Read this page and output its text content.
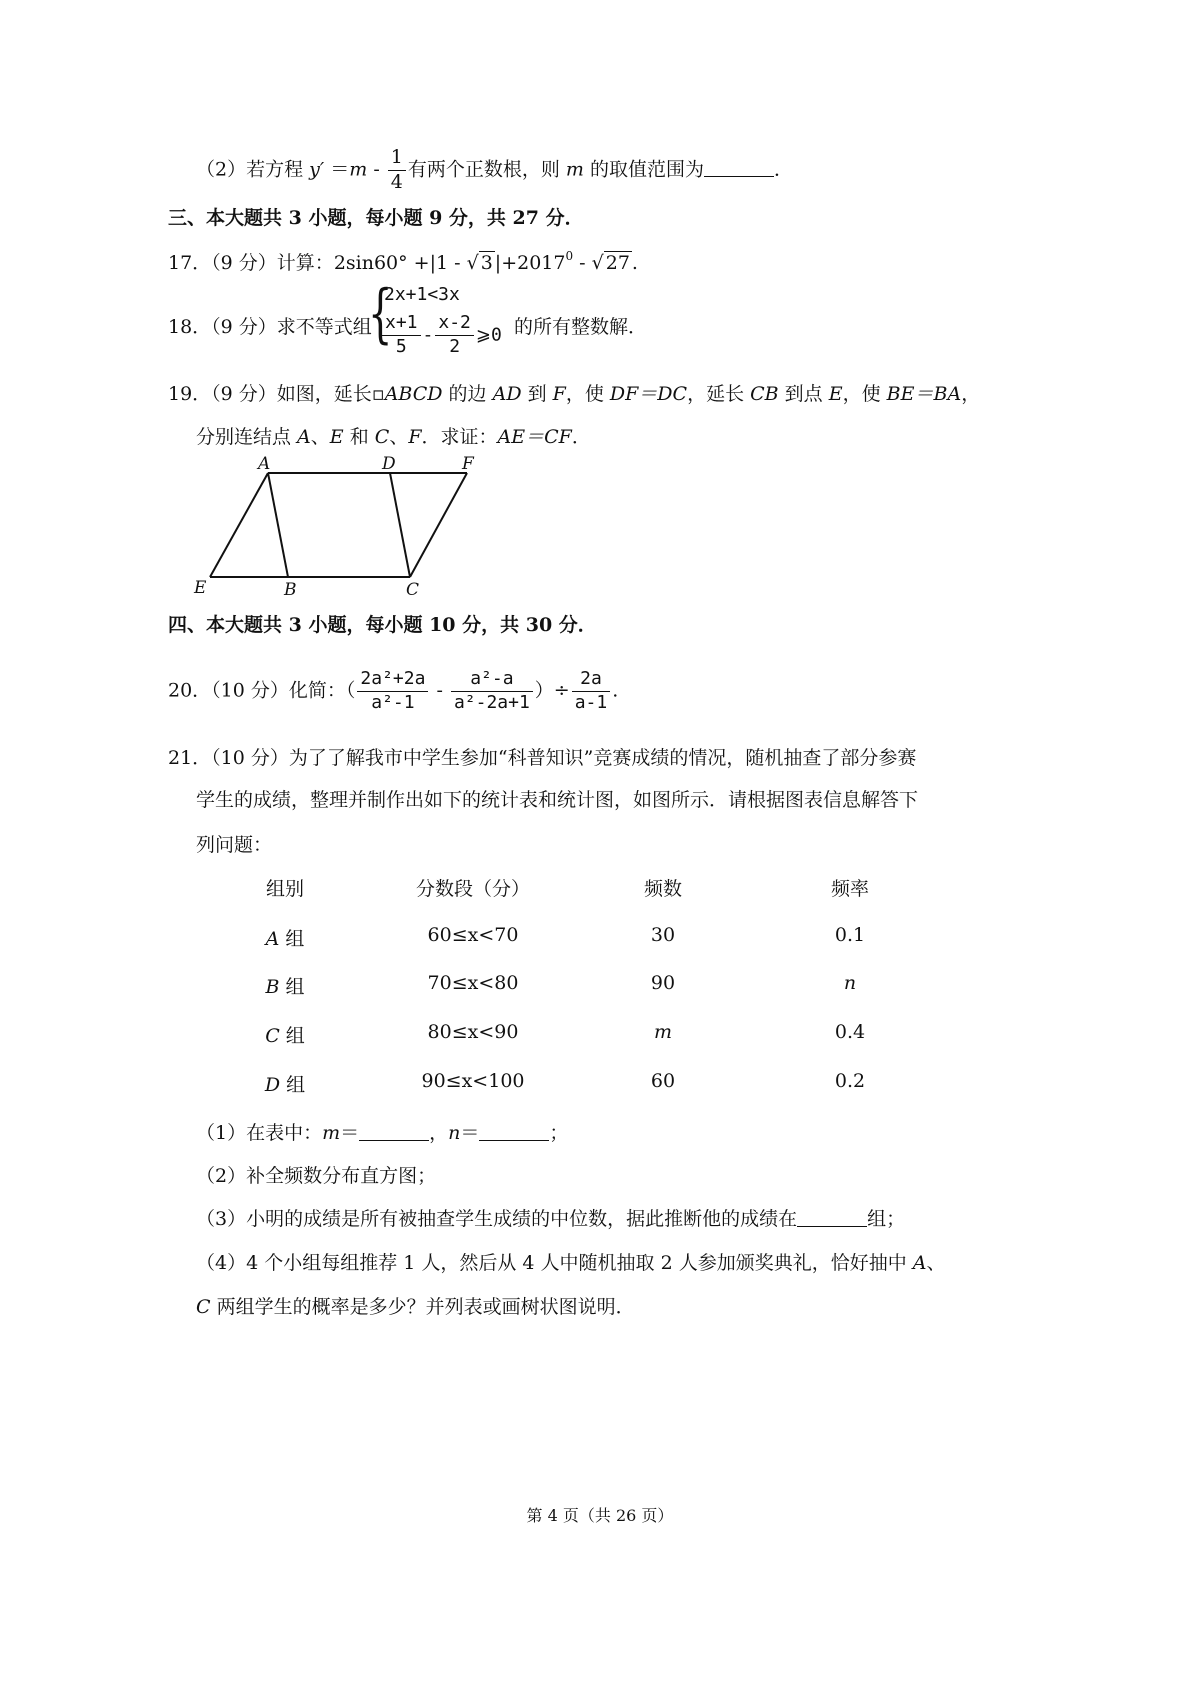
（2）若方程 $y' =m - \frac{1}{4}$ 有两个正数根，则 m 的取值范围为	．
三、本大题共 3 小题，每小题 9 分，共 27 分．
17．（9 分）计算：2sin60° +|1 - √ 3 $|+2017^0$ - √ 27 .
18．（9 分）求不等式组
{
2x+1<3x
$\frac{x+1}{5} - \frac{x-2}{2}$ ⩾0 的所有整数解．
19．（9 分）如图，延长▫ABCD 的边 AD 到 F，使 DF＝DC，延长 CB 到点 E，使 BE＝BA，
分别连结点 A、E 和 C、F．求证：AE＝CF．
A	D	F
E	B	C
四、本大题共 3 小题，每小题 10 分，共 30 分．
20．（10 分）化简：（ $\frac{\text{2a²+2a}}{\text{a²-1}} - \frac{\text{a²-a}}{\text{a²-2a+1}}$ ）÷ $\frac{2a}{a-1}$ .
21．（10 分）为了了解我市中学生参加“科普知识”竞赛成绩的情况，随机抽查了部分参赛
学生的成绩，整理并制作出如下的统计表和统计图，如图所示．请根据图表信息解答下
列问题：
组别	分数段（分）	频数	频率
A 组	60≤x<70	30	0.1
B 组	70≤x<80	90	n
C 组	80≤x<90	m	0.4
D 组	90≤x<100	60	0.2
（1）在表中：m＝	，n＝	；
（2）补全频数分布直方图；
（3）小明的成绩是所有被抽查学生成绩的中位数，据此推断他的成绩在	组；
（4）4 个小组每组推荐 1 人，然后从 4 人中随机抽取 2 人参加颁奖典礼，恰好抽中 A、
C 两组学生的概率是多少？并列表或画树状图说明．
第 4 页（共 26 页）
